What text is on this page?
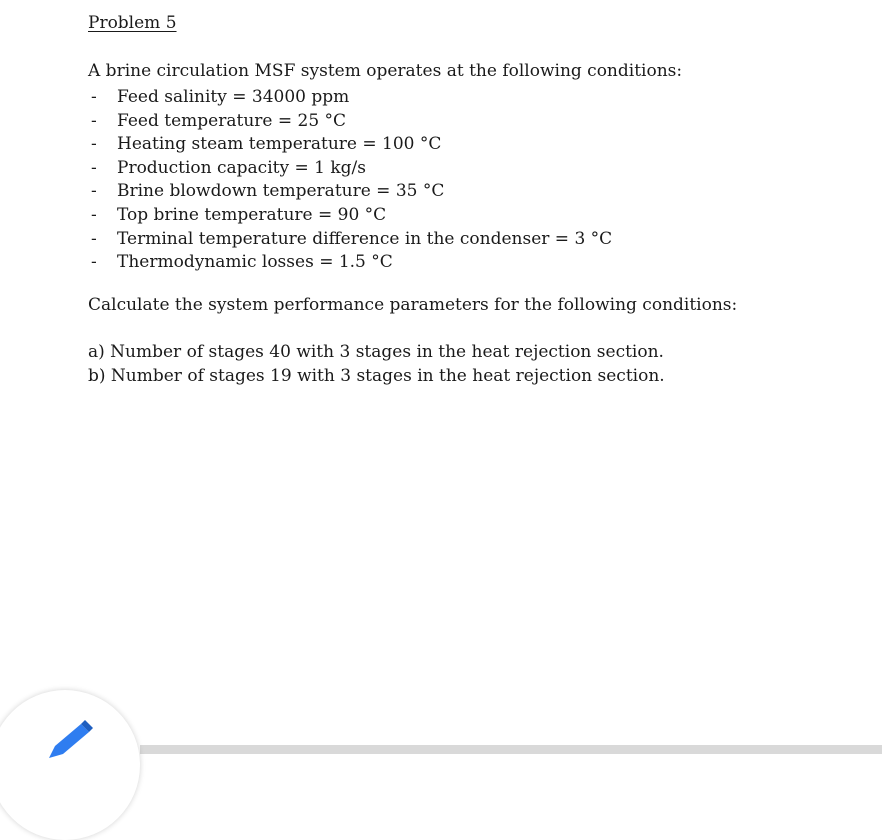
Problem 5
A brine circulation MSF system operates at the following conditions:
- Feed salinity = 34000 ppm
- Feed temperature = 25 °C
- Heating steam temperature = 100 °C
- Production capacity = 1 kg/s
- Brine blowdown temperature = 35 °C
- Top brine temperature = 90 °C
- Terminal temperature difference in the condenser = 3 °C
- Thermodynamic losses = 1.5 °C
Calculate the system performance parameters for the following conditions:
a) Number of stages 40 with 3 stages in the heat rejection section.
b) Number of stages 19 with 3 stages in the heat rejection section.
